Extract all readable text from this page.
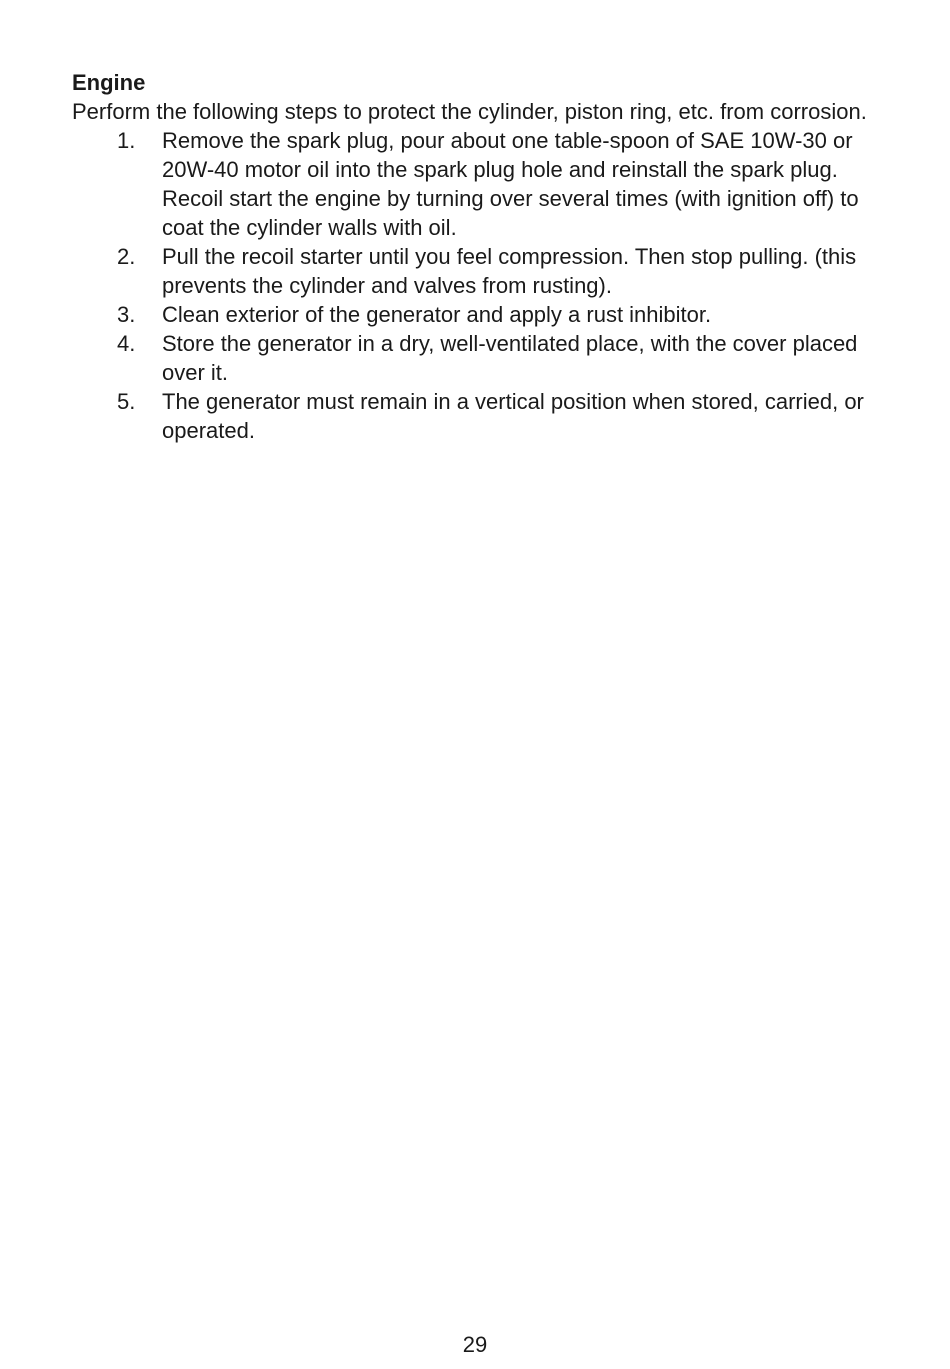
Engine

Perform the following steps to protect the cylinder, piston ring, etc. from corrosion.

1. Remove the spark plug, pour about one table-spoon of SAE 10W-30 or 20W-40 motor oil into the spark plug hole and reinstall the spark plug. Recoil start the engine by turning over several times (with ignition off) to coat the cylinder walls with oil.
2. Pull the recoil starter until you feel compression. Then stop pulling. (this prevents the cylinder and valves from rusting).
3. Clean exterior of the generator and apply a rust inhibitor.
4. Store the generator in a dry, well-ventilated place, with the cover placed over it.
5. The generator must remain in a vertical position when stored, carried, or operated.
29
